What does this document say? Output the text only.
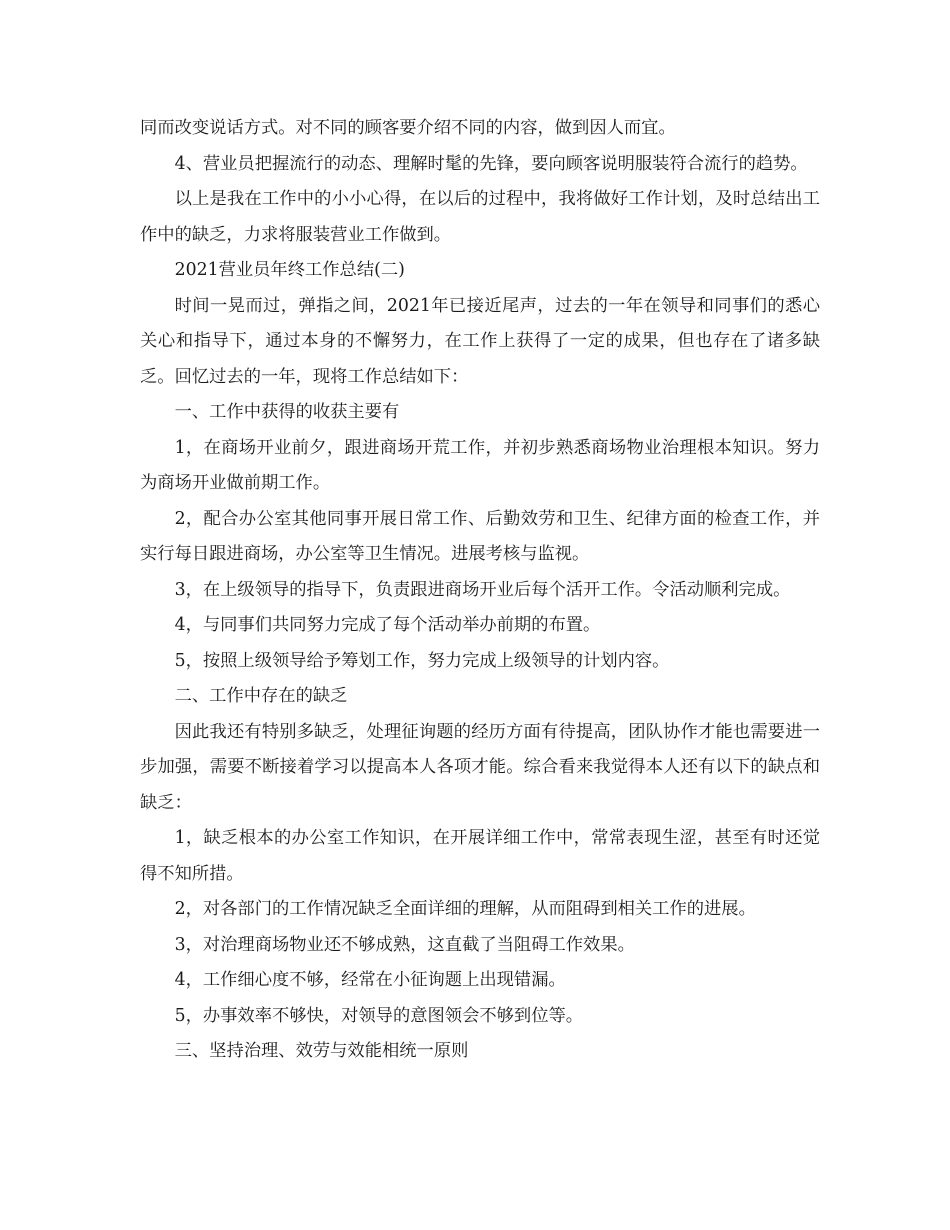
同而改变说话方式。对不同的顾客要介绍不同的内容，做到因人而宜。

4、营业员把握流行的动态、理解时髦的先锋，要向顾客说明服装符合流行的趋势。

以上是我在工作中的小小心得，在以后的过程中，我将做好工作计划，及时总结出工作中的缺乏，力求将服装营业工作做到。

2021营业员年终工作总结(二)

时间一晃而过，弹指之间，2021年已接近尾声，过去的一年在领导和同事们的悉心关心和指导下，通过本身的不懈努力，在工作上获得了一定的成果，但也存在了诸多缺乏。回忆过去的一年，现将工作总结如下：

一、工作中获得的收获主要有

1，在商场开业前夕，跟进商场开荒工作，并初步熟悉商场物业治理根本知识。努力为商场开业做前期工作。

2，配合办公室其他同事开展日常工作、后勤效劳和卫生、纪律方面的检查工作，并实行每日跟进商场，办公室等卫生情况。进展考核与监视。

3，在上级领导的指导下，负责跟进商场开业后每个活开工作。令活动顺利完成。

4，与同事们共同努力完成了每个活动举办前期的布置。

5，按照上级领导给予筹划工作，努力完成上级领导的计划内容。

二、工作中存在的缺乏

因此我还有特别多缺乏，处理征询题的经历方面有待提高，团队协作才能也需要进一步加强，需要不断接着学习以提高本人各项才能。综合看来我觉得本人还有以下的缺点和缺乏：

1，缺乏根本的办公室工作知识，在开展详细工作中，常常表现生涩，甚至有时还觉得不知所措。

2，对各部门的工作情况缺乏全面详细的理解，从而阻碍到相关工作的进展。

3，对治理商场物业还不够成熟，这直截了当阻碍工作效果。

4，工作细心度不够，经常在小征询题上出现错漏。

5，办事效率不够快，对领导的意图领会不够到位等。

三、坚持治理、效劳与效能相统一原则
